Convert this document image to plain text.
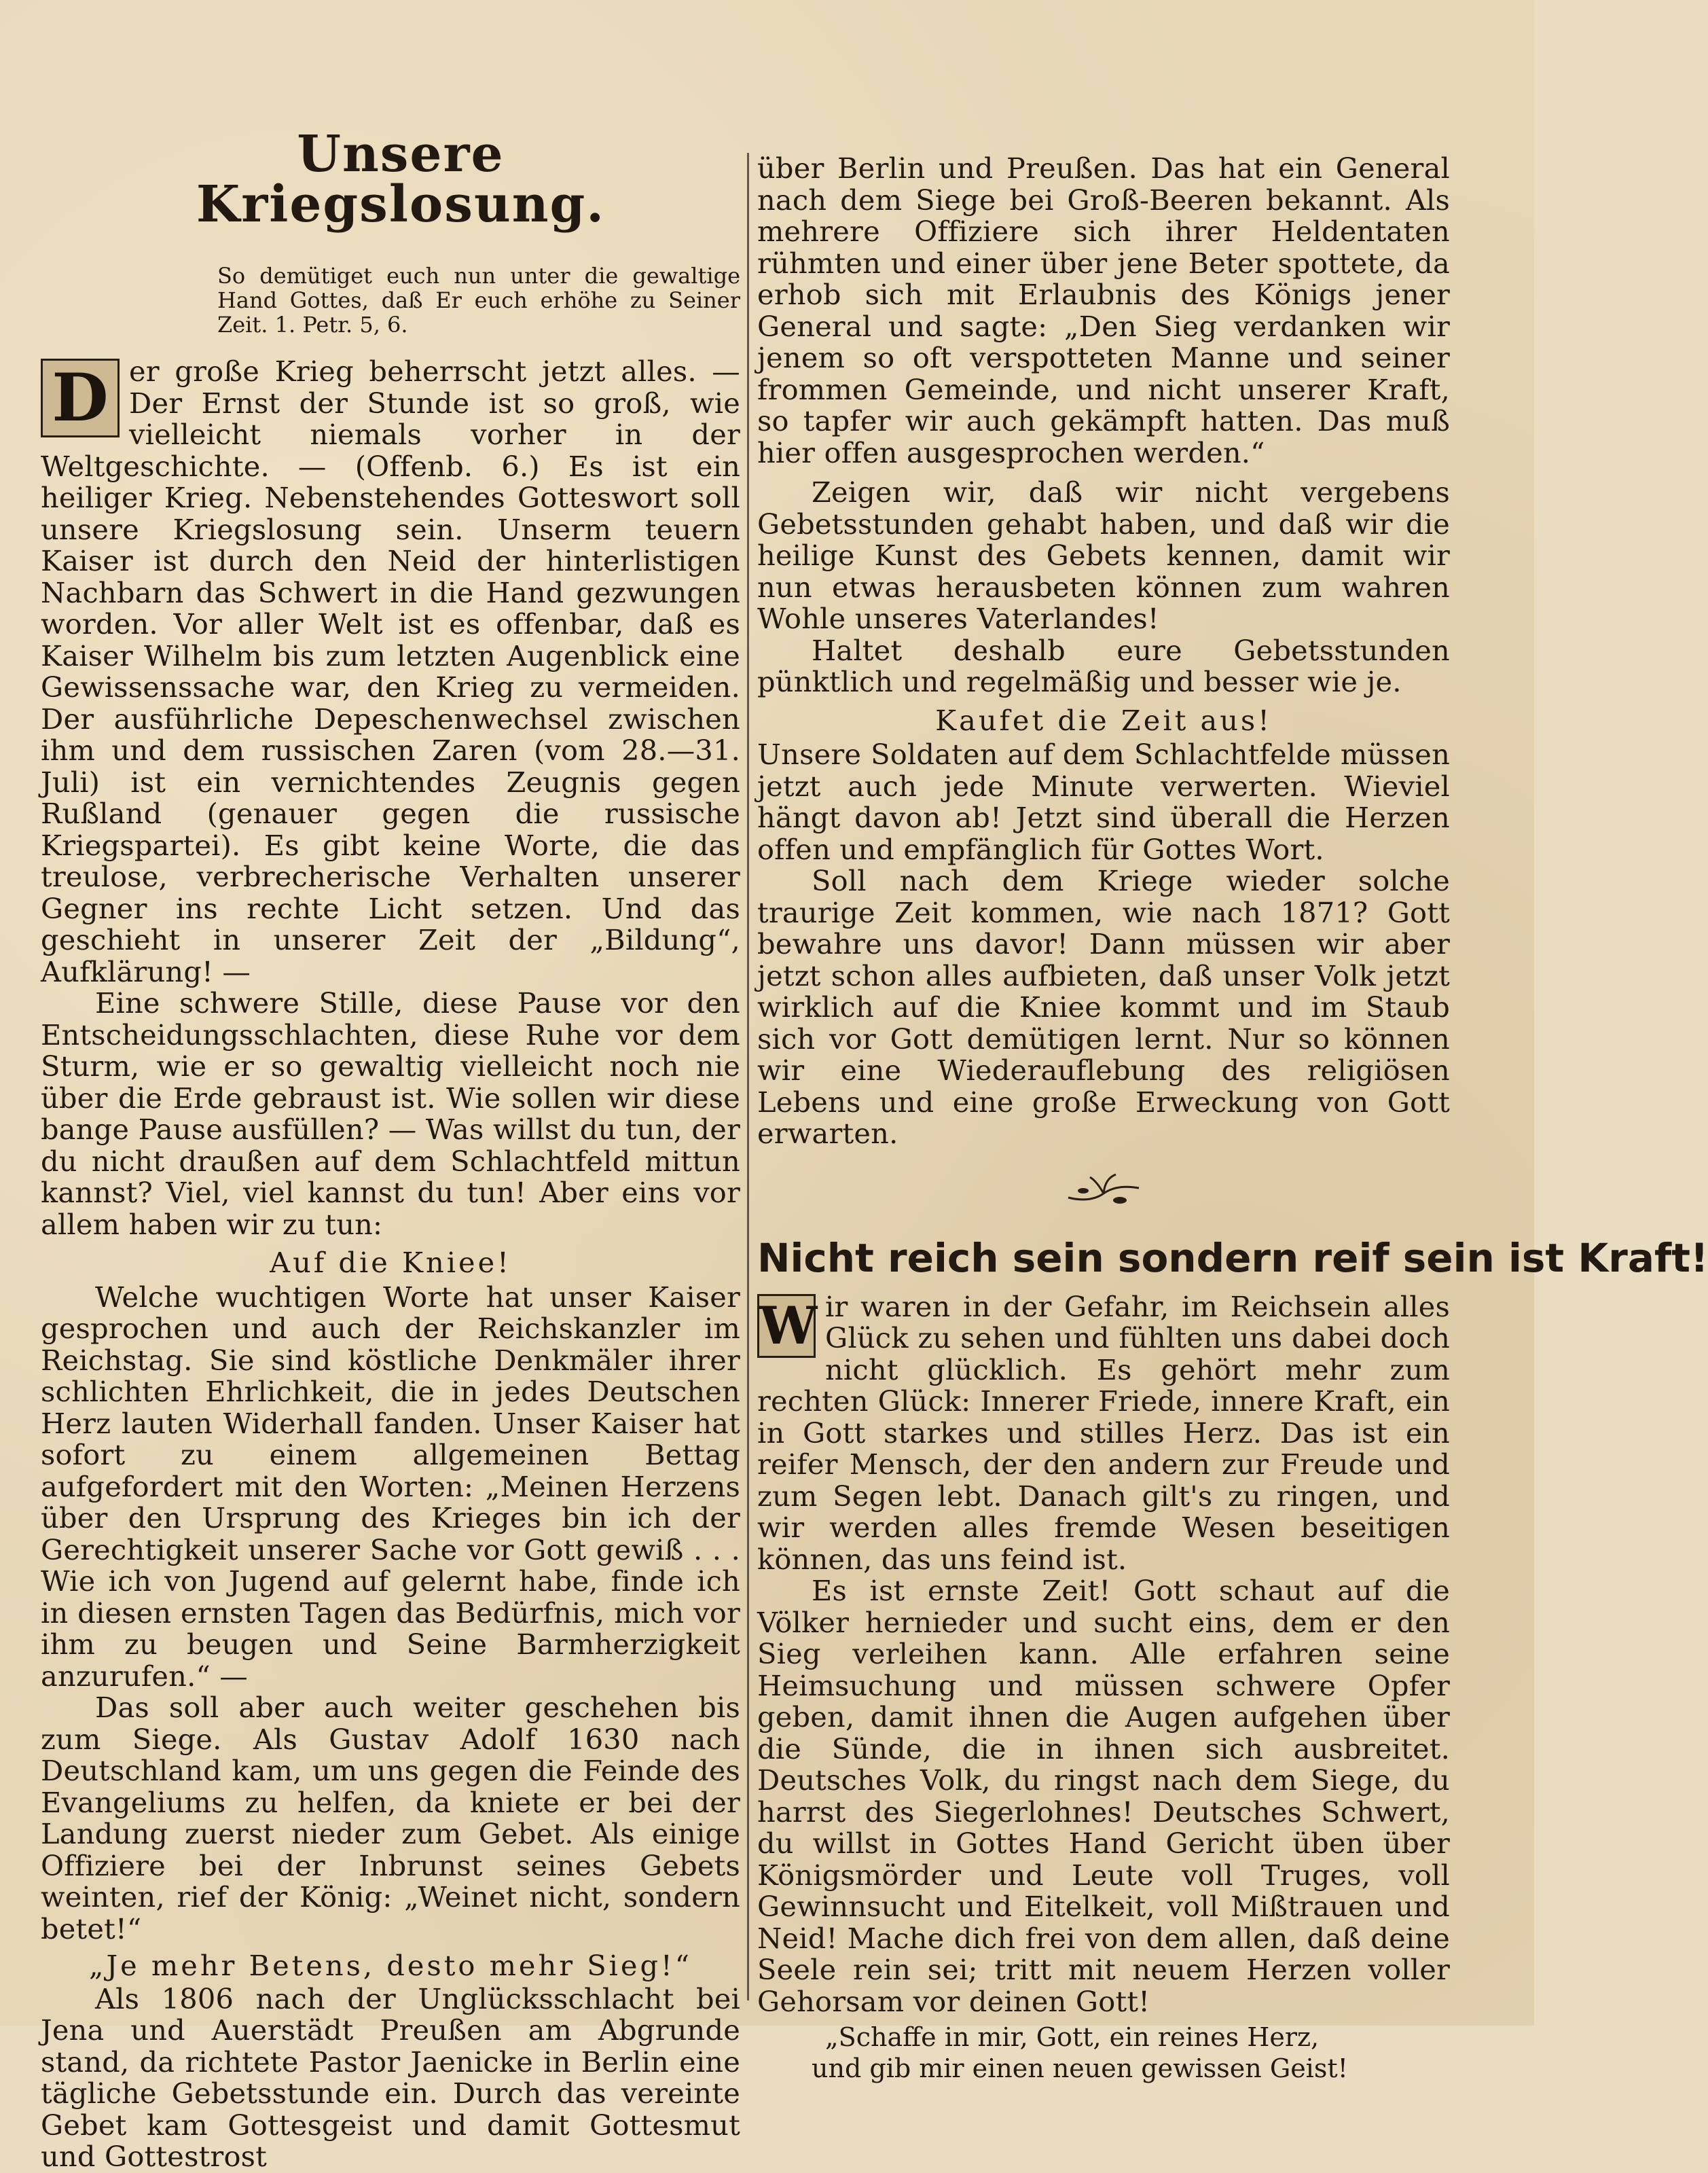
Unsere Kriegslosung.

So demütiget euch nun unter die gewaltige Hand Gottes, daß Er euch erhöhe zu Seiner Zeit. 1. Petr. 5, 6.

D er große Krieg beherrscht jetzt alles. — Der Ernst der Stunde ist so groß, wie vielleicht niemals vorher in der Weltgeschichte. — (Offenb. 6.) Es ist ein heiliger Krieg. Nebenstehendes Gotteswort soll unsere Kriegslosung sein. Unserm teuern Kaiser ist durch den Neid der hinterlistigen Nachbarn das Schwert in die Hand gezwungen worden. Vor aller Welt ist es offenbar, daß es Kaiser Wilhelm bis zum letzten Augenblick eine Gewissenssache war, den Krieg zu vermeiden. Der ausführliche Depeschenwechsel zwischen ihm und dem russischen Zaren (vom 28.—31. Juli) ist ein vernichtendes Zeugnis gegen Rußland (genauer gegen die russische Kriegspartei). Es gibt keine Worte, die das treulose, verbrecherische Verhalten unserer Gegner ins rechte Licht setzen. Und das geschieht in unserer Zeit der „Bildung“, Aufklärung! —

Eine schwere Stille, diese Pause vor den Entscheidungsschlachten, diese Ruhe vor dem Sturm, wie er so gewaltig vielleicht noch nie über die Erde gebraust ist. Wie sollen wir diese bange Pause ausfüllen? — Was willst du tun, der du nicht draußen auf dem Schlachtfeld mittun kannst? Viel, viel kannst du tun! Aber eins vor allem haben wir zu tun:

Auf die Kniee!

Welche wuchtigen Worte hat unser Kaiser gesprochen und auch der Reichskanzler im Reichstag. Sie sind köstliche Denkmäler ihrer schlichten Ehrlichkeit, die in jedes Deutschen Herz lauten Widerhall fanden. Unser Kaiser hat sofort zu einem allgemeinen Bettag aufgefordert mit den Worten: „Meinen Herzens über den Ursprung des Krieges bin ich der Gerechtigkeit unserer Sache vor Gott gewiß . . . Wie ich von Jugend auf gelernt habe, finde ich in diesen ernsten Tagen das Bedürfnis, mich vor ihm zu beugen und Seine Barmherzigkeit anzurufen.“ —

Das soll aber auch weiter geschehen bis zum Siege. Als Gustav Adolf 1630 nach Deutschland kam, um uns gegen die Feinde des Evangeliums zu helfen, da kniete er bei der Landung zuerst nieder zum Gebet. Als einige Offiziere bei der Inbrunst seines Gebets weinten, rief der König: „Weinet nicht, sondern betet!“

„Je mehr Betens, desto mehr Sieg!“

Als 1806 nach der Unglücksschlacht bei Jena und Auerstädt Preußen am Abgrunde stand, da richtete Pastor Jaenicke in Berlin eine tägliche Gebetsstunde ein. Durch das vereinte Gebet kam Gottesgeist und damit Gottesmut und Gottestrost

über Berlin und Preußen. Das hat ein General nach dem Siege bei Groß-Beeren bekannt. Als mehrere Offiziere sich ihrer Heldentaten rühmten und einer über jene Beter spottete, da erhob sich mit Erlaubnis des Königs jener General und sagte: „Den Sieg verdanken wir jenem so oft verspotteten Manne und seiner frommen Gemeinde, und nicht unserer Kraft, so tapfer wir auch gekämpft hatten. Das muß hier offen ausgesprochen werden.“

Zeigen wir, daß wir nicht vergebens Gebetsstunden gehabt haben, und daß wir die heilige Kunst des Gebets kennen, damit wir nun etwas herausbeten können zum wahren Wohle unseres Vaterlandes!

Haltet deshalb eure Gebetsstunden pünktlich und regelmäßig und besser wie je.

Kaufet die Zeit aus!

Unsere Soldaten auf dem Schlachtfelde müssen jetzt auch jede Minute verwerten. Wieviel hängt davon ab! Jetzt sind überall die Herzen offen und empfänglich für Gottes Wort.

Soll nach dem Kriege wieder solche traurige Zeit kommen, wie nach 1871? Gott bewahre uns davor! Dann müssen wir aber jetzt schon alles aufbieten, daß unser Volk jetzt wirklich auf die Kniee kommt und im Staub sich vor Gott demütigen lernt. Nur so können wir eine Wiederauflebung des religiösen Lebens und eine große Erweckung von Gott erwarten.

Nicht reich sein sondern reif sein ist Kraft!
W ir waren in der Gefahr, im Reichsein alles Glück zu sehen und fühlten uns dabei doch nicht glücklich. Es gehört mehr zum rechten Glück: Innerer Friede, innere Kraft, ein in Gott starkes und stilles Herz. Das ist ein reifer Mensch, der den andern zur Freude und zum Segen lebt. Danach gilt's zu ringen, und wir werden alles fremde Wesen beseitigen können, das uns feind ist.

Es ist ernste Zeit! Gott schaut auf die Völker hernieder und sucht eins, dem er den Sieg verleihen kann. Alle erfahren seine Heimsuchung und müssen schwere Opfer geben, damit ihnen die Augen aufgehen über die Sünde, die in ihnen sich ausbreitet. Deutsches Volk, du ringst nach dem Siege, du harrst des Siegerlohnes! Deutsches Schwert, du willst in Gottes Hand Gericht üben über Königsmörder und Leute voll Truges, voll Gewinnsucht und Eitelkeit, voll Mißtrauen und Neid! Mache dich frei von dem allen, daß deine Seele rein sei; tritt mit neuem Herzen voller Gehorsam vor deinen Gott!

„Schaffe in mir, Gott, ein reines Herz,

und gib mir einen neuen gewissen Geist!
